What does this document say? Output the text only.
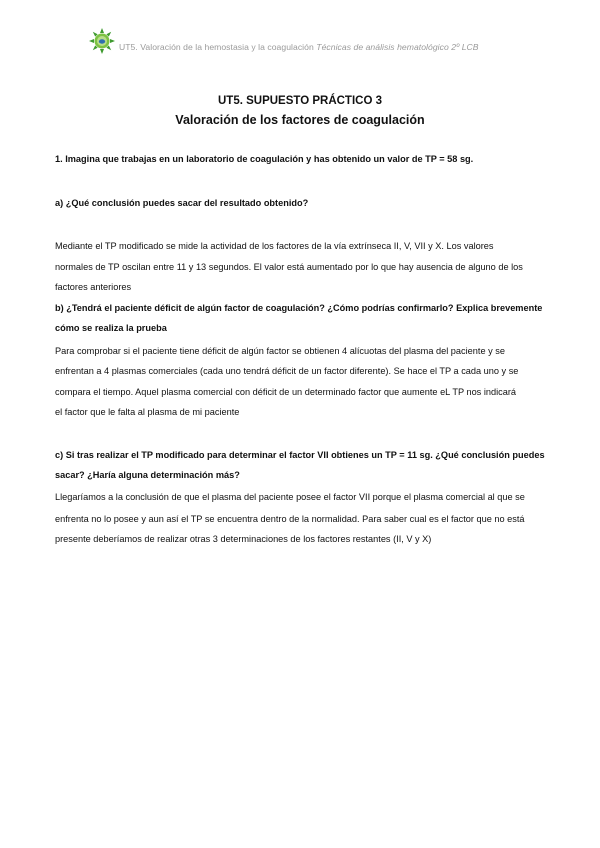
UT5. Valoración de la hemostasia y la coagulación Técnicas de análisis hematológico 2º LCB

UT5. SUPUESTO PRÁCTICO 3

Valoración de los factores de coagulación

1. Imagina que trabajas en un laboratorio de coagulación y has obtenido un valor de TP = 58 sg.
a) ¿Qué conclusión puedes sacar del resultado obtenido?
Mediante el TP modificado se mide la actividad de los factores de la vía extrínseca II, V, VII y X. Los valores
normales de TP oscilan entre 11 y 13 segundos. El valor está aumentado por lo que hay ausencia de alguno de los
factores anteriores
b) ¿Tendrá el paciente déficit de algún factor de coagulación? ¿Cómo podrías confirmarlo? Explica brevemente
cómo se realiza la prueba
Para comprobar si el paciente tiene déficit de algún factor se obtienen 4 alícuotas del plasma del paciente y se
enfrentan a 4 plasmas comerciales (cada uno tendrá déficit de un factor diferente). Se hace el TP a cada uno y se
compara el tiempo. Aquel plasma comercial con déficit de un determinado factor que aumente eL TP nos indicará
el factor que le falta al plasma de mi paciente
c) Si tras realizar el TP modificado para determinar el factor VII obtienes un TP = 11 sg. ¿Qué conclusión puedes
sacar? ¿Haría alguna determinación más?
Llegaríamos a la conclusión de que el plasma del paciente posee el factor VII porque el plasma comercial al que se
enfrenta no lo posee y aun así el TP se encuentra dentro de la normalidad. Para saber cual es el factor que no está
presente deberíamos de realizar otras 3 determinaciones de los factores restantes (II, V y X)
